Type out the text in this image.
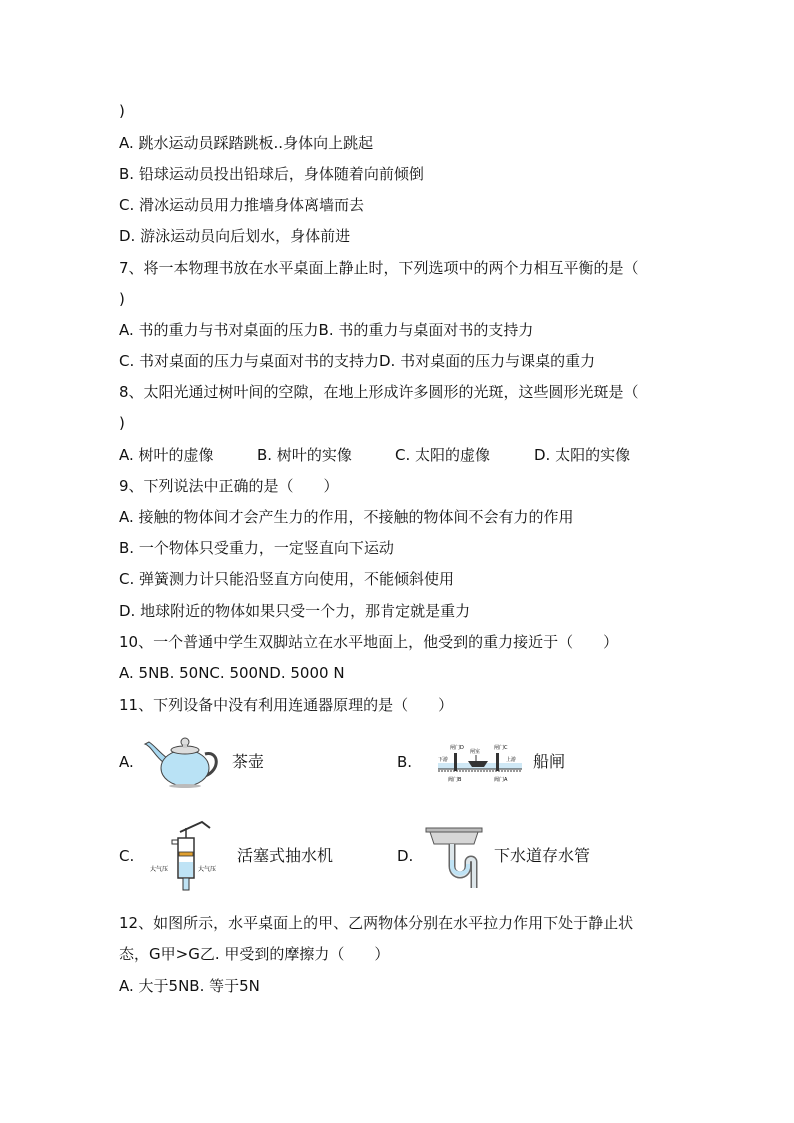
)
A. 跳水运动员踩踏跳板..身体向上跳起
B. 铅球运动员投出铅球后，身体随着向前倾倒
C. 滑冰运动员用力推墙身体离墙而去
D. 游泳运动员向后划水，身体前进
7、将一本物理书放在水平桌面上静止时，下列选项中的两个力相互平衡的是（
)
A. 书的重力与书对桌面的压力B. 书的重力与桌面对书的支持力
C. 书对桌面的压力与桌面对书的支持力D. 书对桌面的压力与课桌的重力
8、太阳光通过树叶间的空隙，在地上形成许多圆形的光斑，这些圆形光斑是（
)
A. 树叶的虚像	B. 树叶的实像	C. 太阳的虚像	D. 太阳的实像
9、下列说法中正确的是（　　）
A. 接触的物体间才会产生力的作用，不接触的物体间不会有力的作用
B. 一个物体只受重力，一定竖直向下运动
C. 弹簧测力计只能沿竖直方向使用，不能倾斜使用
D. 地球附近的物体如果只受一个力，那肯定就是重力
10、一个普通中学生双脚站立在水平地面上，他受到的重力接近于（　　）
A. 5NB. 50NC. 500ND. 5000 N
11、下列设备中没有利用连通器原理的是（　　）
A.	茶壶	B.
闸门D	闸门C
闸室
下游	上游
阀门B	阀门A
船闸
C.
大气压	大气压
活塞式抽水机	D.	下水道存水管
12、如图所示，水平桌面上的甲、乙两物体分别在水平拉力作用下处于静止状
态，G甲>G乙. 甲受到的摩擦力（　　）
A. 大于5NB. 等于5N
